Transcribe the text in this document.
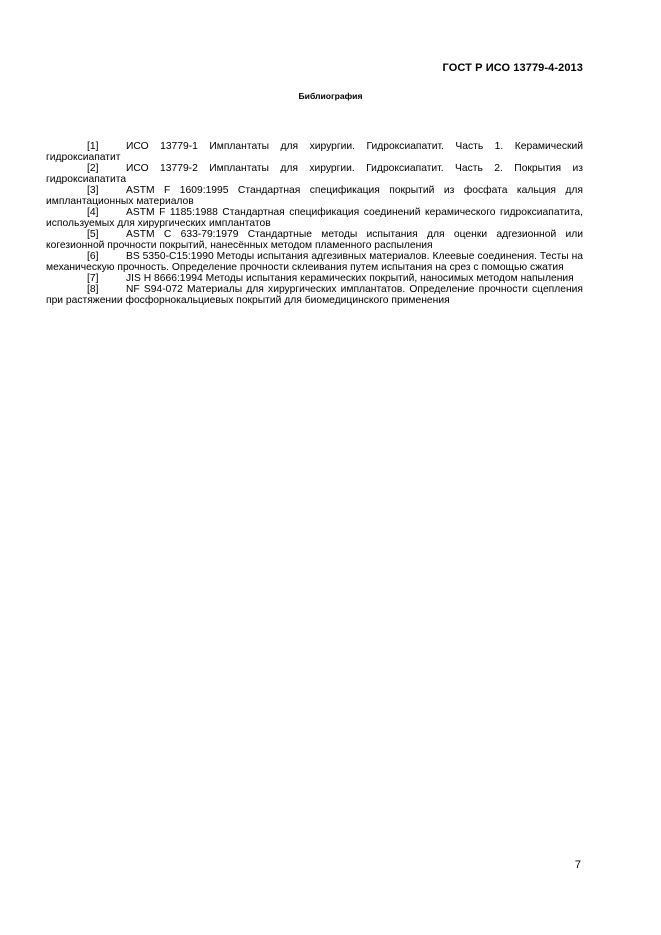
ГОСТ Р ИСО 13779-4-2013
Библиография

[1]	ИСО 13779-1 Имплантаты для хирургии. Гидроксиапатит. Часть 1. Керамический гидроксиапатит

[2]	ИСО 13779-2 Имплантаты для хирургии. Гидроксиапатит. Часть 2. Покрытия из гидроксиапатита

[3]	ASTM F 1609:1995 Стандартная спецификация покрытий из фосфата кальция для имплантационных материалов

[4]	ASTM F 1185:1988 Стандартная спецификация соединений керамического гидроксиапатита, используемых для хирургических имплантатов

[5]	ASTM C 633-79:1979 Стандартные методы испытания для оценки адгезионной или когезионной прочности покрытий, нанесённых методом пламенного распыления

[6]	BS 5350-C15:1990 Методы испытания адгезивных материалов. Клеевые соединения. Тесты на механическую прочность. Определение прочности склеивания путем испытания на срез с помощью сжатия

[7]	JIS H 8666:1994 Методы испытания керамических покрытий, наносимых методом напыления

[8]	NF S94-072 Материалы для хирургических имплантатов. Определение прочности сцепления при растяжении фосфорнокальциевых покрытий для биомедицинского применения

7
